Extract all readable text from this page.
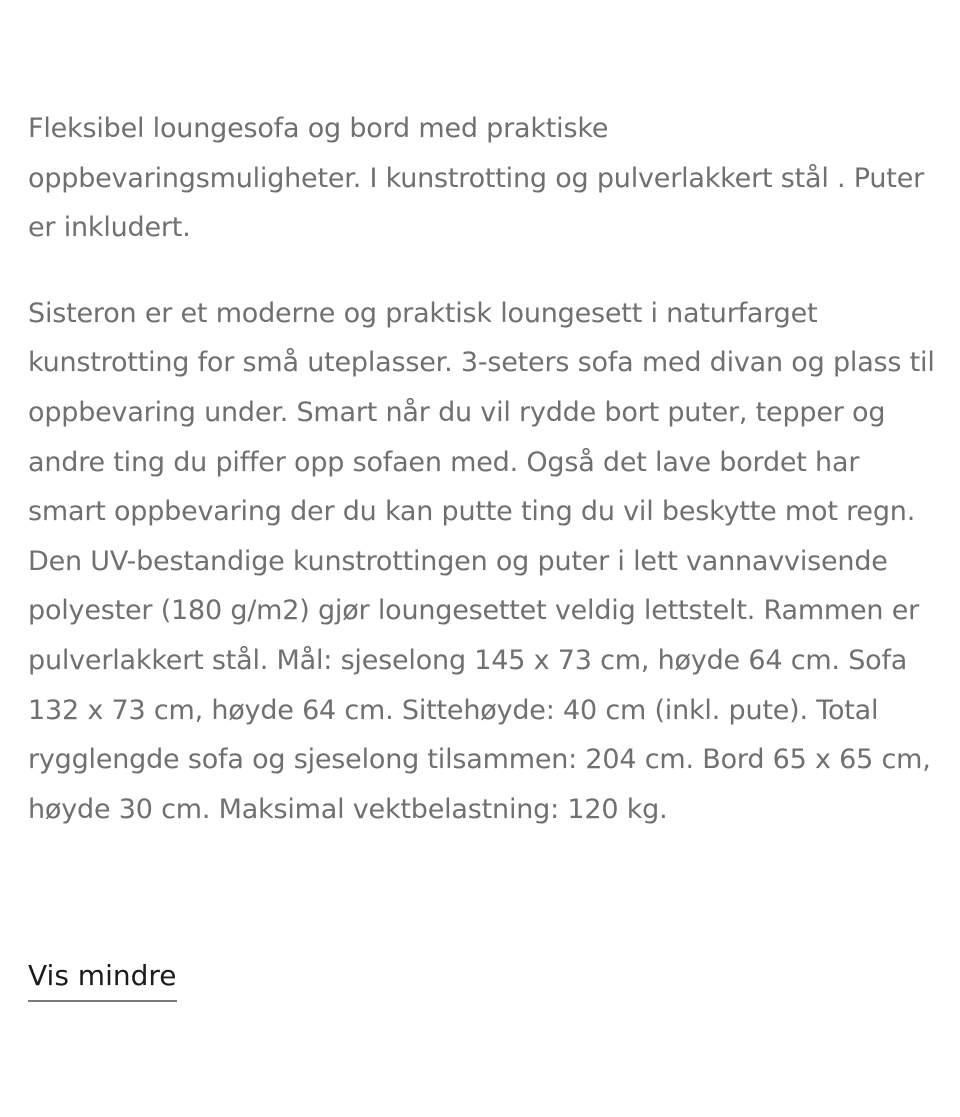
Fleksibel loungesofa og bord med praktiske oppbevaringsmuligheter. I kunstrotting og pulverlakkert stål . Puter er inkludert.

Sisteron er et moderne og praktisk loungesett i naturfarget kunstrotting for små uteplasser. 3-seters sofa med divan og plass til oppbevaring under. Smart når du vil rydde bort puter, tepper og andre ting du piffer opp sofaen med. Også det lave bordet har smart oppbevaring der du kan putte ting du vil beskytte mot regn. Den UV-bestandige kunstrottingen og puter i lett vannavvisende polyester (180 g/m2) gjør loungesettet veldig lettstelt. Rammen er pulverlakkert stål. Mål: sjeselong 145 x 73 cm, høyde 64 cm. Sofa 132 x 73 cm, høyde 64 cm. Sittehøyde: 40 cm (inkl. pute). Total rygglengde sofa og sjeselong tilsammen: 204 cm. Bord 65 x 65 cm, høyde 30 cm. Maksimal vektbelastning: 120 kg.

Vis mindre
